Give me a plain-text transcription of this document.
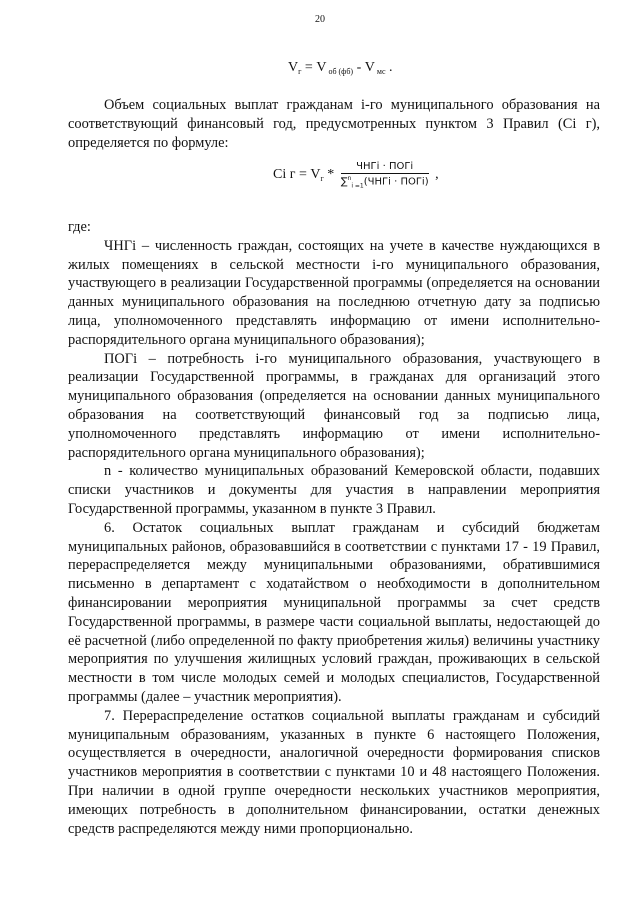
20
$V_г = V$ $_{об (фб)}$ - V $_{мс}$ .

Объем социальных выплат гражданам i-го муниципального образования на соответствующий финансовый год, предусмотренных пунктом 3 Правил (Ci г), определяется по формуле:

Ci $г = V_г * \frac{\text{ЧНГi · ПОГi}}{\sum^n_{i =1}(ЧНГi \cdot ПОГi)}$ ,

где:

ЧНГi – численность граждан, состоящих на учете в качестве нуждающихся в жилых помещениях в сельской местности i-го муниципального образования, участвующего в реализации Государственной программы (определяется на основании данных муниципального образования на последнюю отчетную дату за подписью лица, уполномоченного представлять информацию от имени исполнительно-распорядительного органа муниципального образования);

ПОГi – потребность i-го муниципального образования, участвующего в реализации Государственной программы, в гражданах для организаций этого муниципального образования (определяется на основании данных муниципального образования на соответствующий финансовый год за подписью лица, уполномоченного представлять информацию от имени исполнительно-распорядительного органа муниципального образования);

n - количество муниципальных образований Кемеровской области, подавших списки участников и документы для участия в направлении мероприятия Государственной программы, указанном в пункте 3 Правил.

6. Остаток социальных выплат гражданам и субсидий бюджетам муниципальных районов, образовавшийся в соответствии с пунктами 17 - 19 Правил, перераспределяется между муниципальными образованиями, обратившимися письменно в департамент с ходатайством о необходимости в дополнительном финансировании мероприятия муниципальной программы за счет средств Государственной программы, в размере части социальной выплаты, недостающей до её расчетной (либо определенной по факту приобретения жилья) величины участнику мероприятия по улучшения жилищных условий граждан, проживающих в сельской местности в том числе молодых семей и молодых специалистов, Государственной программы (далее – участник мероприятия).

7. Перераспределение остатков социальной выплаты гражданам и субсидий муниципальным образованиям, указанных в пункте 6 настоящего Положения, осуществляется в очередности, аналогичной очередности формирования списков участников мероприятия в соответствии с пунктами 10 и 48 настоящего Положения. При наличии в одной группе очередности нескольких участников мероприятия, имеющих потребность в дополнительном финансировании, остатки денежных средств распределяются между ними пропорционально.
